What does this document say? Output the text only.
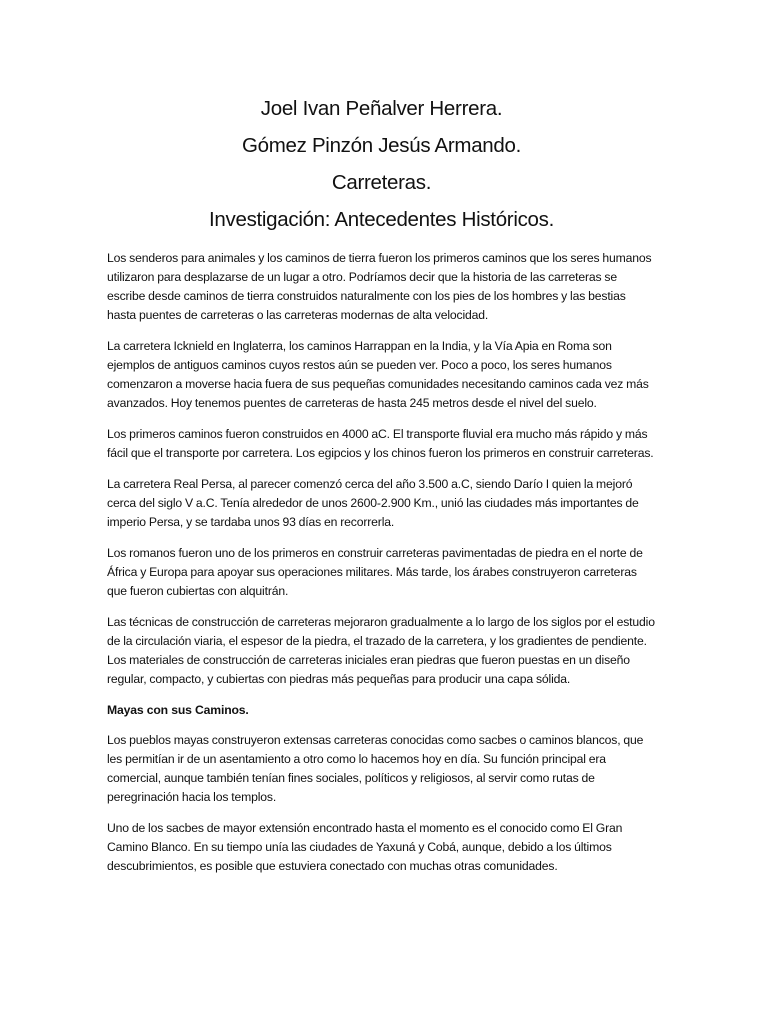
Joel Ivan Peñalver Herrera.
Gómez Pinzón Jesús Armando.
Carreteras.
Investigación: Antecedentes Históricos.

Los senderos para animales y los caminos de tierra fueron los primeros caminos que los seres humanos utilizaron para desplazarse de un lugar a otro. Podríamos decir que la historia de las carreteras se escribe desde caminos de tierra construidos naturalmente con los pies de los hombres y las bestias hasta puentes de carreteras o las carreteras modernas de alta velocidad.

La carretera Icknield en Inglaterra, los caminos Harrappan en la India, y la Vía Apia en Roma son ejemplos de antiguos caminos cuyos restos aún se pueden ver. Poco a poco, los seres humanos comenzaron a moverse hacia fuera de sus pequeñas comunidades necesitando caminos cada vez más avanzados. Hoy tenemos puentes de carreteras de hasta 245 metros desde el nivel del suelo.

Los primeros caminos fueron construidos en 4000 aC. El transporte fluvial era mucho más rápido y más fácil que el transporte por carretera. Los egipcios y los chinos fueron los primeros en construir carreteras.

La carretera Real Persa, al parecer comenzó cerca del año 3.500 a.C, siendo Darío I quien la mejoró cerca del siglo V a.C. Tenía alrededor de unos 2600-2.900 Km., unió las ciudades más importantes de imperio Persa, y se tardaba unos 93 días en recorrerla.

Los romanos fueron uno de los primeros en construir carreteras pavimentadas de piedra en el norte de África y Europa para apoyar sus operaciones militares. Más tarde, los árabes construyeron carreteras que fueron cubiertas con alquitrán.

Las técnicas de construcción de carreteras mejoraron gradualmente a lo largo de los siglos por el estudio de la circulación viaria, el espesor de la piedra, el trazado de la carretera, y los gradientes de pendiente. Los materiales de construcción de carreteras iniciales eran piedras que fueron puestas en un diseño regular, compacto, y cubiertas con piedras más pequeñas para producir una capa sólida.

Mayas con sus Caminos.

Los pueblos mayas construyeron extensas carreteras conocidas como sacbes o caminos blancos, que les permitían ir de un asentamiento a otro como lo hacemos hoy en día. Su función principal era comercial, aunque también tenían fines sociales, políticos y religiosos, al servir como rutas de peregrinación hacia los templos.

Uno de los sacbes de mayor extensión encontrado hasta el momento es el conocido como El Gran Camino Blanco. En su tiempo unía las ciudades de Yaxuná y Cobá, aunque, debido a los últimos descubrimientos, es posible que estuviera conectado con muchas otras comunidades.
